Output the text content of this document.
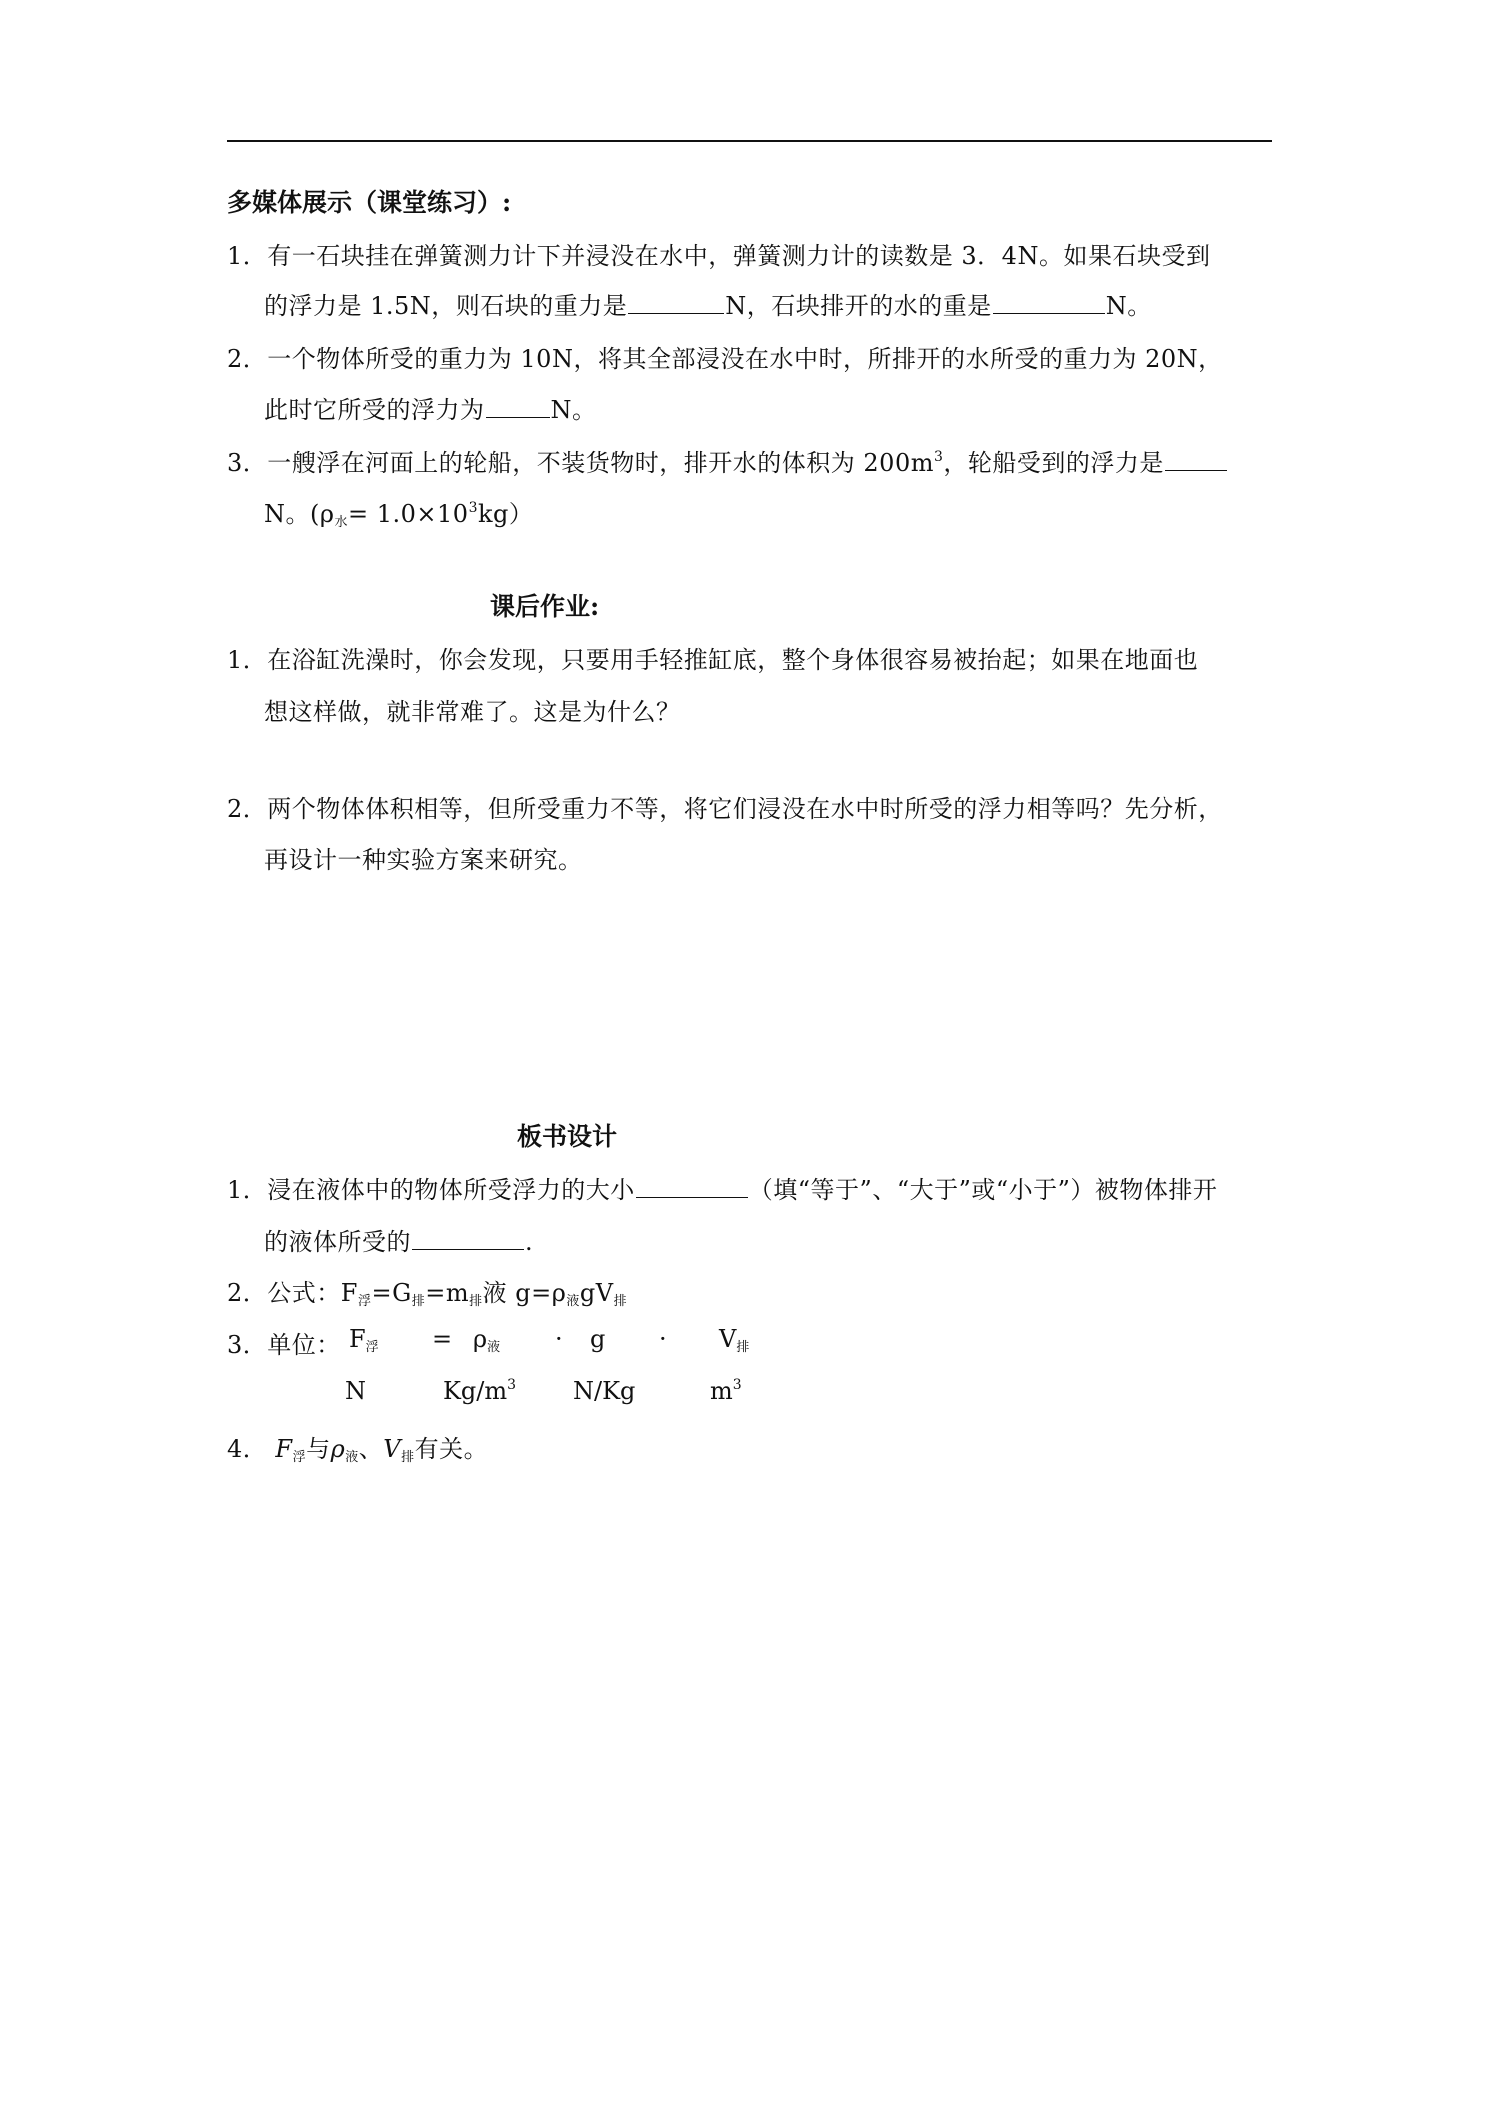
多媒体展示（课堂练习）:
1．有一石块挂在弹簧测力计下并浸没在水中，弹簧测力计的读数是 3．4N。如果石块受到
的浮力是 1.5N，则石块的重力是	N，石块排开的水的重是	N。
2．一个物体所受的重力为 10N，将其全部浸没在水中时，所排开的水所受的重力为 20N，
此时它所受的浮力为	N。
3．一艘浮在河面上的轮船，不装货物时，排开水的体积为 $200m^3$，轮船受到的浮力是
N。$(\rho_水= 1.0\times 10^3kg)$
课后作业:
1．在浴缸洗澡时，你会发现，只要用手轻推缸底，整个身体很容易被抬起；如果在地面也
想这样做，就非常难了。这是为什么？
2．两个物体体积相等，但所受重力不等，将它们浸没在水中时所受的浮力相等吗？先分析，
再设计一种实验方案来研究。
板书设计
1．浸在液体中的物体所受浮力的大小	（填“等于”、“大于”或“小于”）被物体排开
的液体所受的	.
2．公式：$F_浮=G_排=m_排$液 $g=\rho_液gV_排$
3．单位： $F_浮 = \rho_液 \cdot g \cdot V_排$
N	$Kg/m^3$ N/Kg	$m^3$
4． $F_浮$与$\rho_液$、$V_排$有关。
